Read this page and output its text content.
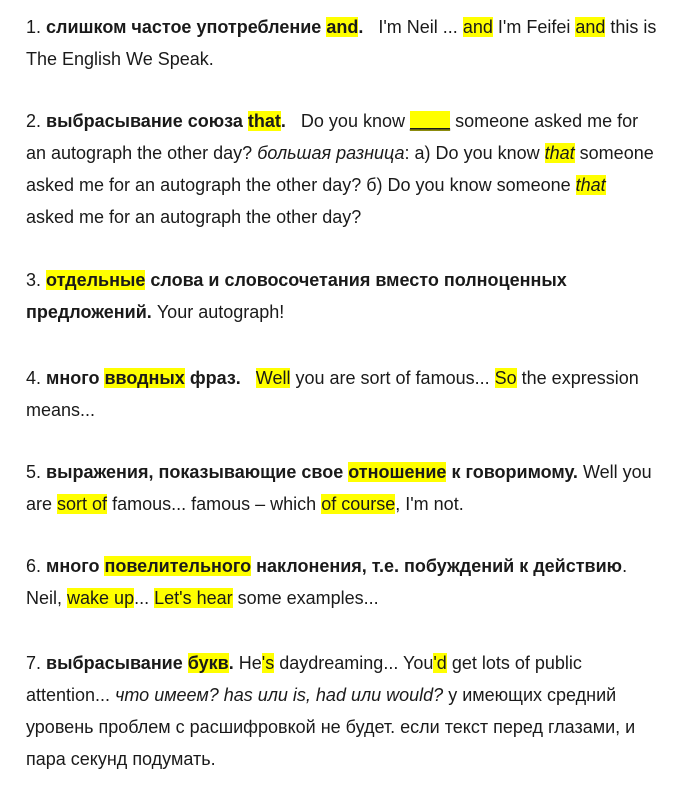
1. слишком частое употребление and. I'm Neil ... and I'm Feifei and this is The English We Speak.

2. выбрасывание союза that. Do you know ____ someone asked me for an autograph the other day? большая разница: а) Do you know that someone asked me for an autograph the other day? б) Do you know someone that asked me for an autograph the other day?

3. отдельные слова и словосочетания вместо полноценных предложений. Your autograph!

4. много вводных фраз. Well you are sort of famous... So the expression means...

5. выражения, показывающие свое отношение к говоримому. Well you are sort of famous... famous – which of course, I'm not.

6. много повелительного наклонения, т.е. побуждений к действию. Neil, wake up... Let's hear some examples...

7. выбрасывание букв. He's daydreaming... You'd get lots of public attention... что имеем? has или is, had или would? у имеющих средний уровень проблем с расшифровкой не будет. если текст перед глазами, и пара секунд подумать.
